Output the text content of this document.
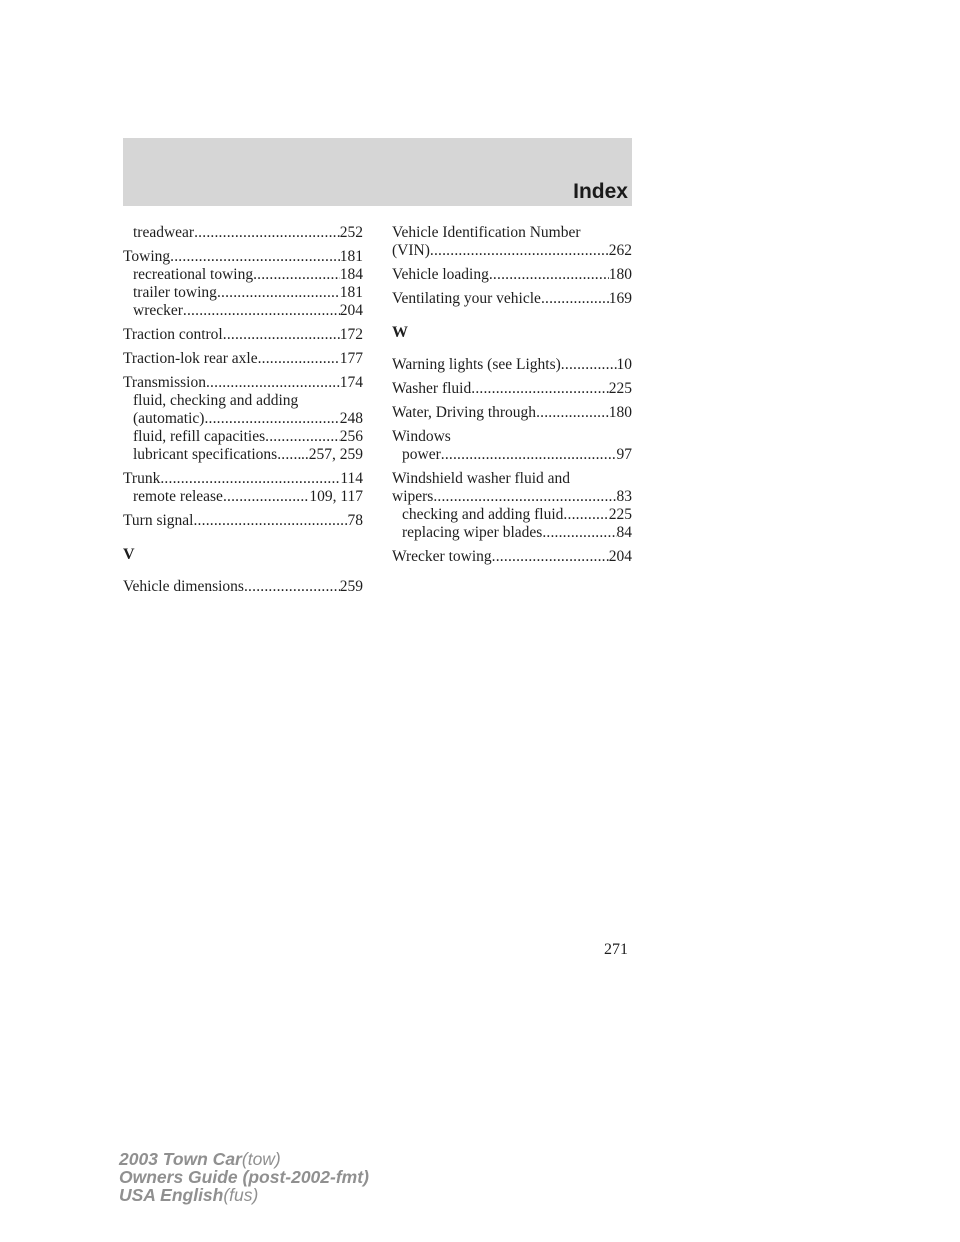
Index
treadwear .....	252
Towing .....	181
recreational towing .....	184
trailer towing .....	181
wrecker .....	204
Traction control .....	172
Traction-lok rear axle .....	177
Transmission .....	174
fluid, checking and adding
(automatic) .....	248
fluid, refill capacities .....	256
lubricant specifications ..... ..257, 259
Trunk .....	114
remote release .....	109, 117
Turn signal .....	78
V
Vehicle dimensions .....	259
Vehicle Identification Number
(VIN) .....	262
Vehicle loading .....	180
Ventilating your vehicle .....	169
W
Warning lights (see Lights) .....	10
Washer fluid .....	225
Water, Driving through .....	180
Windows
power .....	97
Windshield washer fluid and
wipers .....	83
checking and adding fluid .....	225
replacing wiper blades .....	84
Wrecker towing .....	204
271
2003 Town Car(tow)
Owners Guide (post-2002-fmt)
USA English(fus)
